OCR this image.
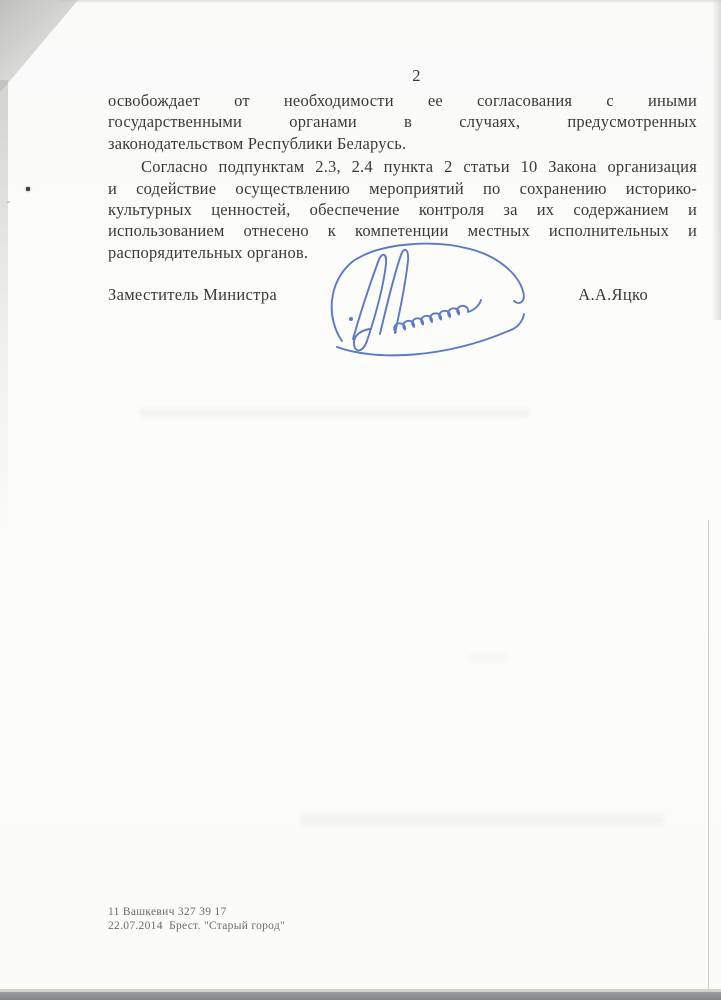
2
освобождает от необходимости ее согласования с иными
государственными органами в случаях, предусмотренных
законодательством Республики Беларусь.
Согласно подпунктам 2.3, 2.4 пункта 2 статьи 10 Закона организация
и содействие осуществлению мероприятий по сохранению историко-
культурных ценностей, обеспечение контроля за их содержанием и
использованием отнесено к компетенции местных исполнительных и
распорядительных органов.
Заместитель Министра	А.А.Яцко
11 Вашкевич 327 39 17
22.07.2014  Брест. "Старый город"
